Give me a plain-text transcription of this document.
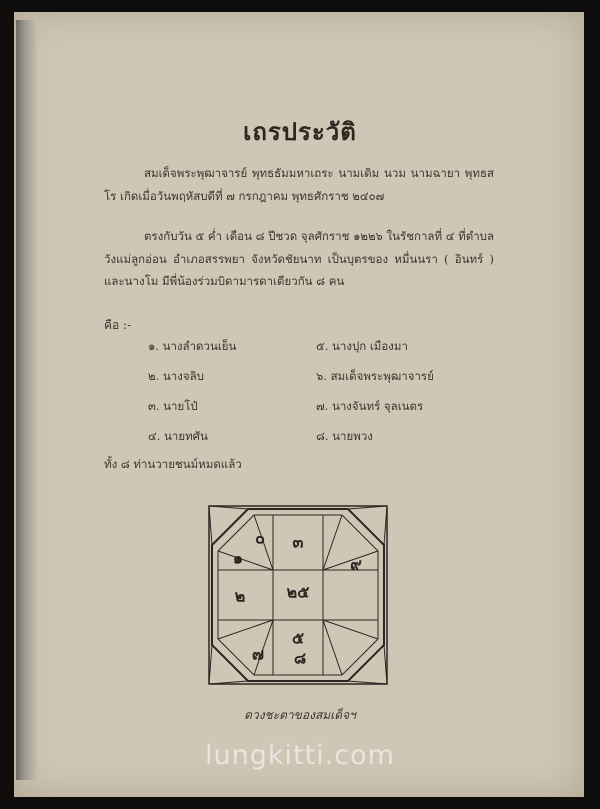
เถรประวัติ
สมเด็จพระพุฒาจารย์ พุทธธัมมหาเถระ นามเดิม นวม นามฉายา พุทธสโร เกิดเมื่อวันพฤหัสบดีที่ ๗ กรกฎาคม พุทธศักราช ๒๔๐๗
ตรงกับวัน ๕ ค่ำ เดือน ๘ ปีชวด จุลศักราช ๑๒๒๖ ในรัชกาลที่ ๔ ที่ตำบลวังแม่ลูกอ่อน อำเภอสรรพยา จังหวัดชัยนาท เป็นบุตรของ หมื่นนรา ( อินทร์ ) และนางโม มีพี่น้องร่วมบิดามารดาเดียวกัน ๘ คน
คือ :-
๑. นางลำดวนเย็น	๕. นางปุก เมืองมา
๒. นางจลิบ	๖. สมเด็จพระพุฒาจารย์
๓. นายโป๋	๗. นางจันทร์ จุลเนตร
๔. นายทศัน	๘. นายพวง
ทั้ง ๘ ท่านวายชนม์หมดแล้ว
๐ ๓
๙
๑
๒	๒๕
๕
๘
๗
ดวงชะตาของสมเด็จฯ
lungkitti.com
